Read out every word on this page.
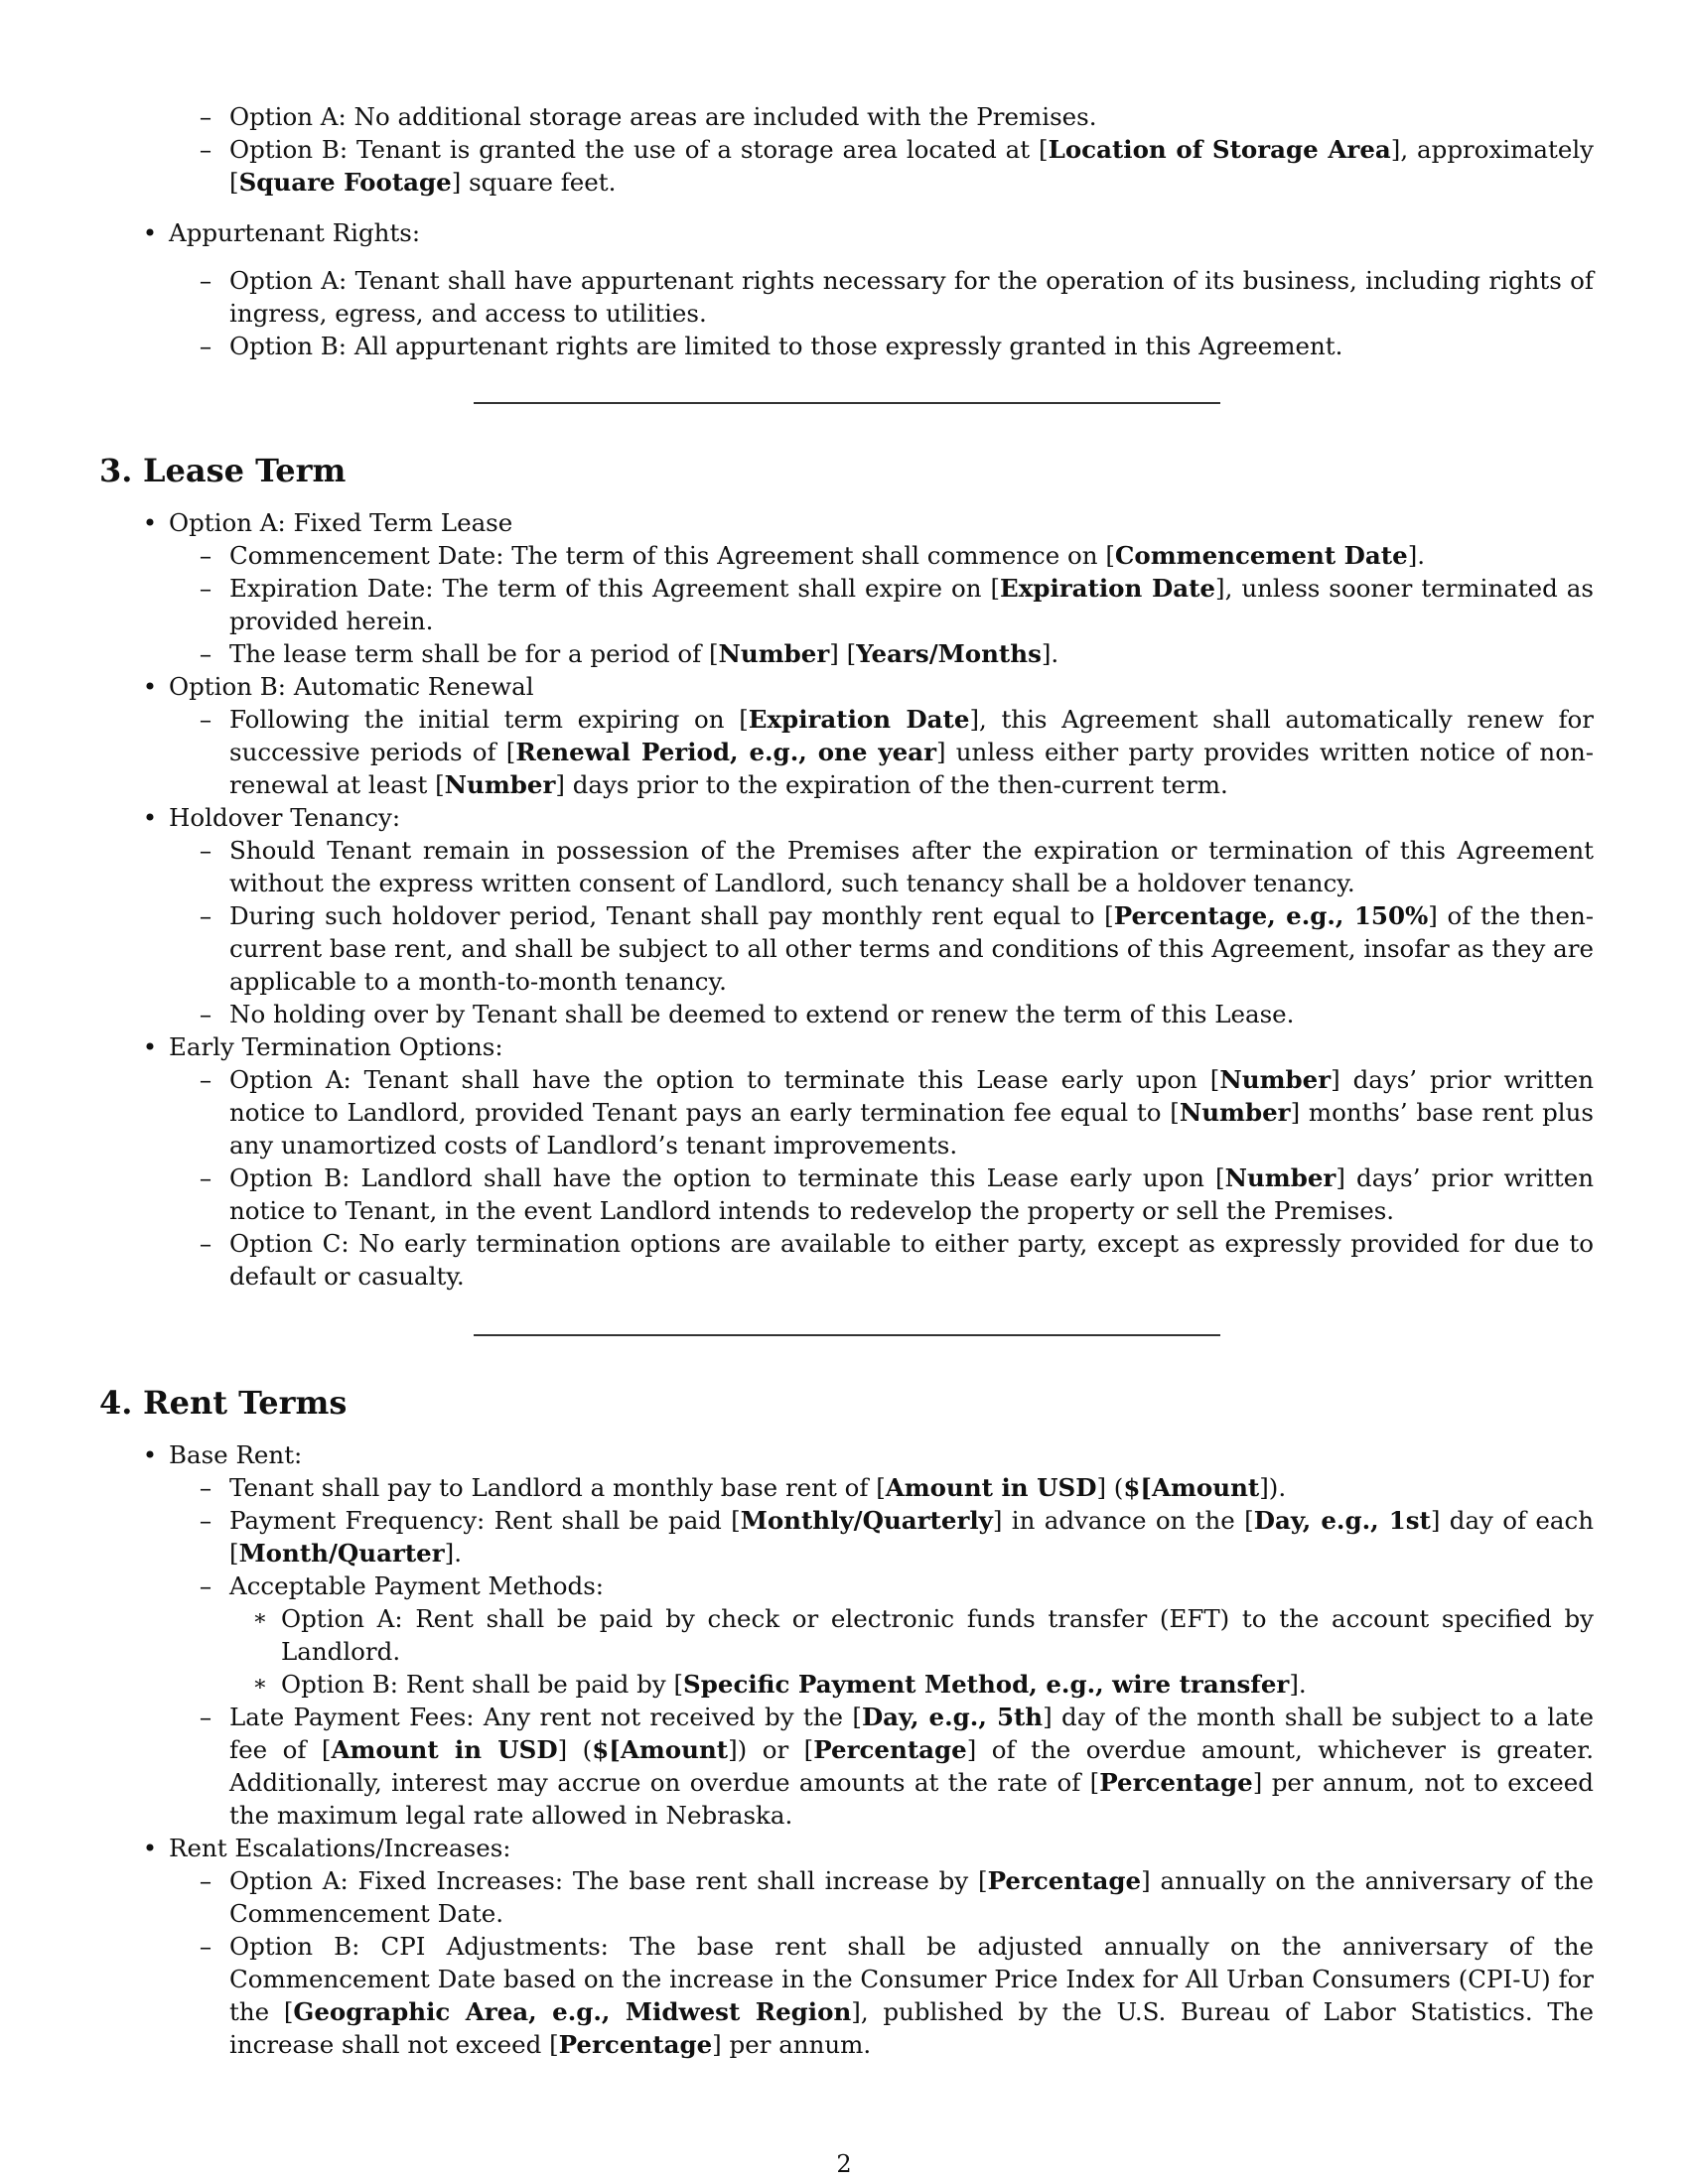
– Option A: No additional storage areas are included with the Premises.
– Option B: Tenant is granted the use of a storage area located at [Location of Storage Area], approximately [Square Footage] square feet.
• Appurtenant Rights:
– Option A: Tenant shall have appurtenant rights necessary for the operation of its business, including rights of ingress, egress, and access to utilities.
– Option B: All appurtenant rights are limited to those expressly granted in this Agreement.
3. Lease Term
• Option A: Fixed Term Lease
– Commencement Date: The term of this Agreement shall commence on [Commencement Date].
– Expiration Date: The term of this Agreement shall expire on [Expiration Date], unless sooner terminated as provided herein.
– The lease term shall be for a period of [Number] [Years/Months].
• Option B: Automatic Renewal
– Following the initial term expiring on [Expiration Date], this Agreement shall automatically renew for successive periods of [Renewal Period, e.g., one year] unless either party provides written notice of non-renewal at least [Number] days prior to the expiration of the then-current term.
• Holdover Tenancy:
– Should Tenant remain in possession of the Premises after the expiration or termination of this Agreement without the express written consent of Landlord, such tenancy shall be a holdover tenancy.
– During such holdover period, Tenant shall pay monthly rent equal to [Percentage, e.g., 150%] of the then-current base rent, and shall be subject to all other terms and conditions of this Agreement, insofar as they are applicable to a month-to-month tenancy.
– No holding over by Tenant shall be deemed to extend or renew the term of this Lease.
• Early Termination Options:
– Option A: Tenant shall have the option to terminate this Lease early upon [Number] days’ prior written notice to Landlord, provided Tenant pays an early termination fee equal to [Number] months’ base rent plus any unamortized costs of Landlord’s tenant improvements.
– Option B: Landlord shall have the option to terminate this Lease early upon [Number] days’ prior written notice to Tenant, in the event Landlord intends to redevelop the property or sell the Premises.
– Option C: No early termination options are available to either party, except as expressly provided for due to default or casualty.
4. Rent Terms
• Base Rent:
– Tenant shall pay to Landlord a monthly base rent of [Amount in USD] ($[Amount]).
– Payment Frequency: Rent shall be paid [Monthly/Quarterly] in advance on the [Day, e.g., 1st] day of each [Month/Quarter].
– Acceptable Payment Methods:
∗ Option A: Rent shall be paid by check or electronic funds transfer (EFT) to the account specified by Landlord.
∗ Option B: Rent shall be paid by [Specific Payment Method, e.g., wire transfer].
– Late Payment Fees: Any rent not received by the [Day, e.g., 5th] day of the month shall be subject to a late fee of [Amount in USD] ($[Amount]) or [Percentage] of the overdue amount, whichever is greater. Additionally, interest may accrue on overdue amounts at the rate of [Percentage] per annum, not to exceed the maximum legal rate allowed in Nebraska.
• Rent Escalations/Increases:
– Option A: Fixed Increases: The base rent shall increase by [Percentage] annually on the anniversary of the Commencement Date.
– Option B: CPI Adjustments: The base rent shall be adjusted annually on the anniversary of the Commencement Date based on the increase in the Consumer Price Index for All Urban Consumers (CPI-U) for the [Geographic Area, e.g., Midwest Region], published by the U.S. Bureau of Labor Statistics. The increase shall not exceed [Percentage] per annum.
2
